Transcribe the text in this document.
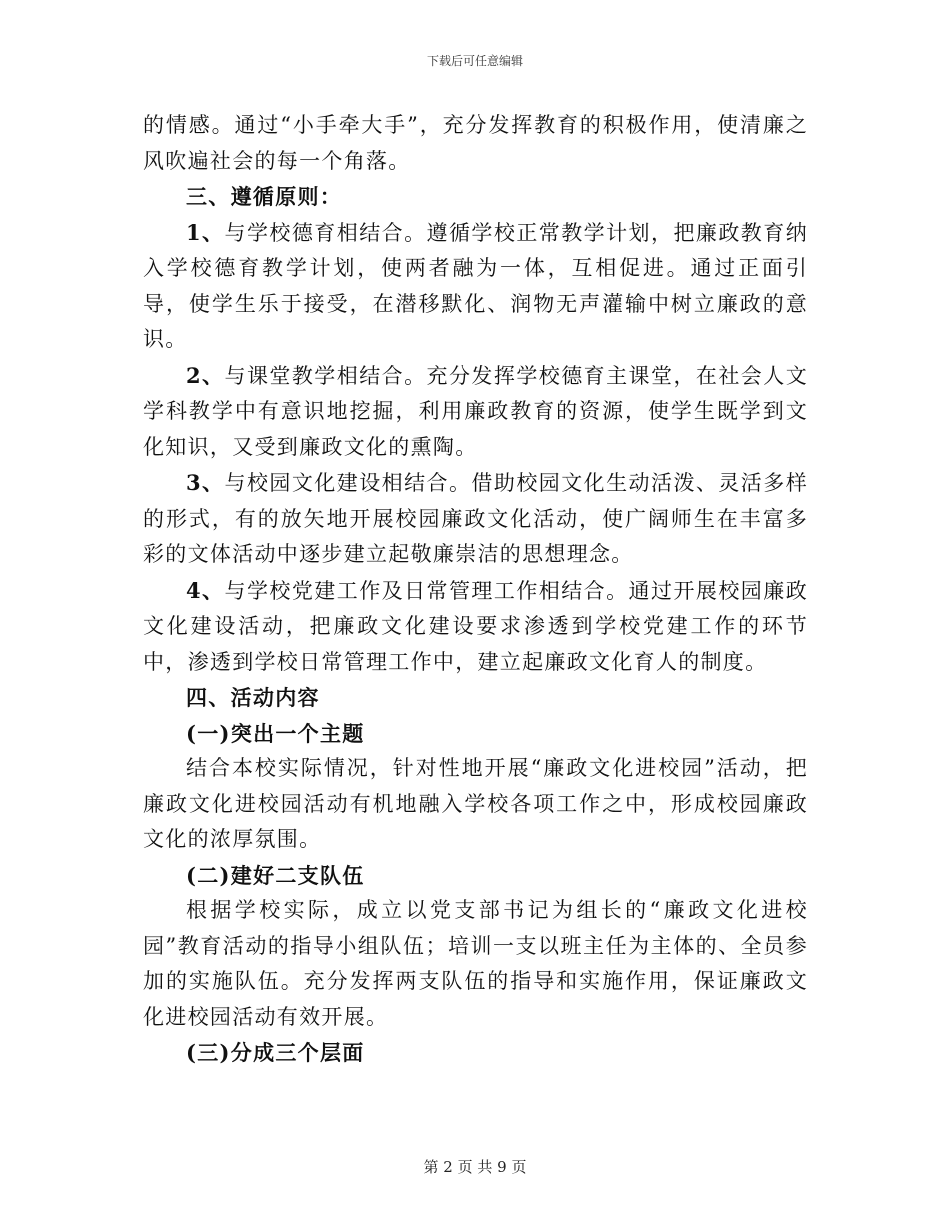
下载后可任意编辑

的情感。通过“小手牵大手”，充分发挥教育的积极作用，使清廉之风吹遍社会的每一个角落。

三、遵循原则：

1、与学校德育相结合。遵循学校正常教学计划，把廉政教育纳入学校德育教学计划，使两者融为一体，互相促进。通过正面引导，使学生乐于接受，在潜移默化、润物无声灌输中树立廉政的意识。

2、与课堂教学相结合。充分发挥学校德育主课堂，在社会人文学科教学中有意识地挖掘，利用廉政教育的资源，使学生既学到文化知识，又受到廉政文化的熏陶。

3、与校园文化建设相结合。借助校园文化生动活泼、灵活多样的形式，有的放矢地开展校园廉政文化活动，使广阔师生在丰富多彩的文体活动中逐步建立起敬廉崇洁的思想理念。

4、与学校党建工作及日常管理工作相结合。通过开展校园廉政文化建设活动，把廉政文化建设要求渗透到学校党建工作的环节中，渗透到学校日常管理工作中，建立起廉政文化育人的制度。

四、活动内容

(一)突出一个主题

结合本校实际情况，针对性地开展“廉政文化进校园”活动，把廉政文化进校园活动有机地融入学校各项工作之中，形成校园廉政文化的浓厚氛围。

(二)建好二支队伍

根据学校实际，成立以党支部书记为组长的“廉政文化进校园”教育活动的指导小组队伍；培训一支以班主任为主体的、全员参加的实施队伍。充分发挥两支队伍的指导和实施作用，保证廉政文化进校园活动有效开展。

(三)分成三个层面

第 2 页 共 9 页
